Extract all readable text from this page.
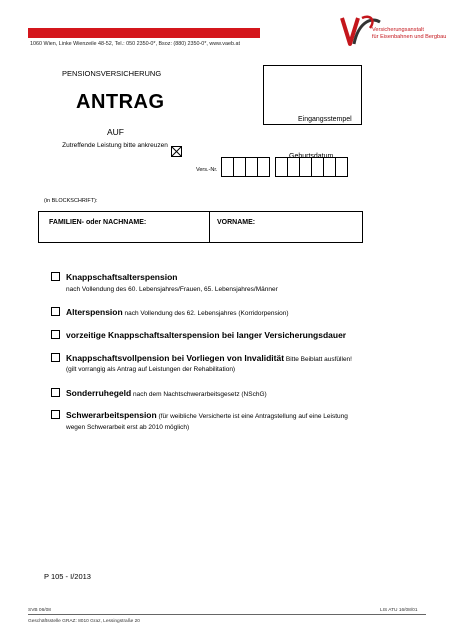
1060 Wien, Linke Wienzeile 48-52, Tel.: 050 2350-0*, Bsoz: (880) 2350-0*, www.vaeb.at
Versicherungsanstalt
für Eisenbahnen und Bergbau
PENSIONSVERSICHERUNG
ANTRAG
AUF
Zutreffende Leistung bitte ankreuzen
Eingangsstempel
Vers.-Nr.
(in BLOCKSCHRIFT):
FAMILIEN- oder NACHNAME:	VORNAME:
Knappschaftsalterspension
nach Vollendung des 60. Lebensjahres/Frauen, 65. Lebensjahres/Männer
Alterspension nach Vollendung des 62. Lebensjahres (Korridorpension)
vorzeitige Knappschaftsalterspension bei langer Versicherungsdauer
Knappschaftsvollpension bei Vorliegen von Invalidität Bitte Beiblatt ausfüllen!
(gilt vorrangig als Antrag auf Leistungen der Rehabilitation)
Sonderruhegeld nach dem Nachtschwerarbeitsgesetz (NSchG)
Schwerarbeitspension (für weibliche Versicherte ist eine Antragstellung auf eine Leistung
wegen Schwerarbeit erst ab 2010 möglich)
P 105 - I/2013
SVB 06/08	LIS ATU 16/08/01
Geschäftsstelle GRAZ: 8010 Graz, Lessingstraße 20
